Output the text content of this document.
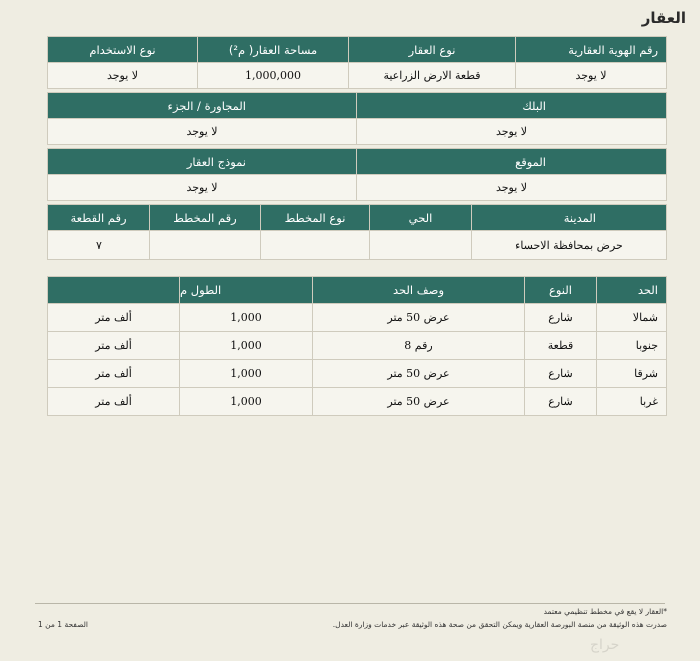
العقار
رقم الهوية العقارية	نوع العقار	مساحة العقار( م²)	نوع الاستخدام
لا يوجد	قطعة الارض الزراعية	1,000,000	لا يوجد
البلك	المجاورة / الجزء
لا يوجد	لا يوجد
الموقع	نموذج العقار
لا يوجد	لا يوجد
المدينة	الحي	نوع المخطط	رقم المخطط	رقم القطعة
حرض بمحافظة الاحساء				٧
الحد	النوع	وصف الحد	الطول م	
شمالا	شارع	عرض 50 متر	1,000	ألف متر
جنوبا	قطعة	رقم 8	1,000	ألف متر
شرقا	شارع	عرض 50 متر	1,000	ألف متر
غربا	شارع	عرض 50 متر	1,000	ألف متر
*العقار لا يقع في مخطط تنظيمي معتمد
صدرت هذه الوثيقة من منصة البورصة العقارية ويمكن التحقق من صحة هذه الوثيقة عبر خدمات وزارة العدل.
الصفحة 1 من 1
حراج
